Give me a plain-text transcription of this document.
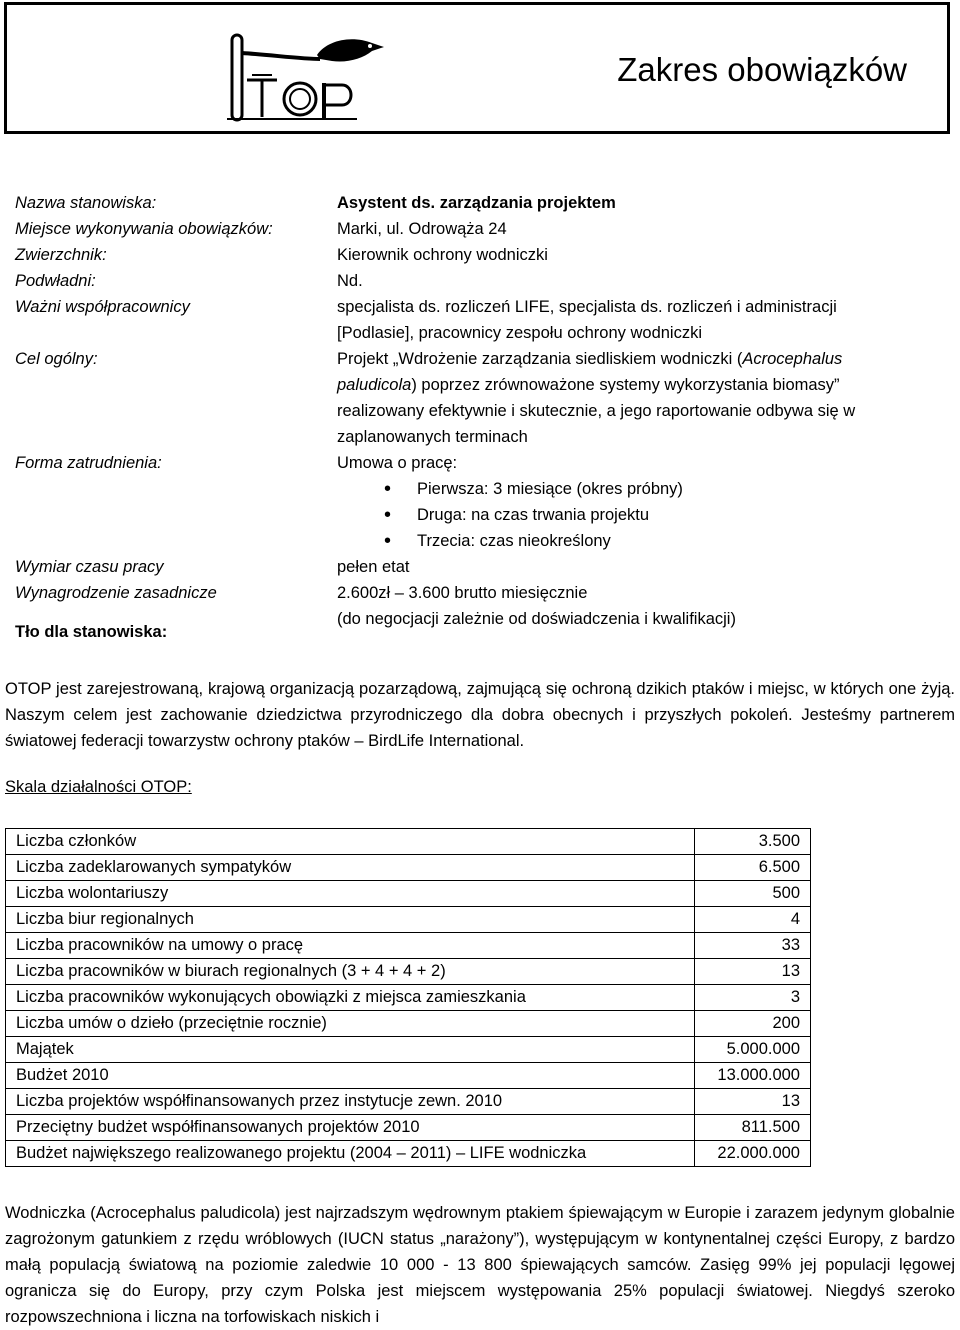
Zakres obowiązków
Nazwa stanowiska:	Asystent ds. zarządzania projektem
Miejsce wykonywania obowiązków:	Marki, ul. Odrowąża 24
Zwierzchnik:	Kierownik ochrony wodniczki
Podwładni:	Nd.
Ważni współpracownicy	specjalista ds. rozliczeń LIFE, specjalista ds. rozliczeń i administracji
[Podlasie], pracownicy zespołu ochrony wodniczki
Cel ogólny:	Projekt „Wdrożenie zarządzania siedliskiem wodniczki (Acrocephalus
paludicola) poprzez zrównoważone systemy wykorzystania biomasy”
realizowany efektywnie i skutecznie, a jego raportowanie odbywa się w
zaplanowanych terminach
Forma zatrudnienia:	Umowa o pracę:
• Pierwsza: 3 miesiące (okres próbny)
• Druga: na czas trwania projektu
• Trzecia: czas nieokreślony
Wymiar czasu pracy	pełen etat
Wynagrodzenie zasadnicze	2.600zł – 3.600 brutto miesięcznie
(do negocjacji zależnie od doświadczenia i kwalifikacji)
Tło dla stanowiska:
OTOP jest zarejestrowaną, krajową organizacją pozarządową, zajmującą się ochroną dzikich ptaków i miejsc, w których one żyją. Naszym celem jest zachowanie dziedzictwa przyrodniczego dla dobra obecnych i przyszłych pokoleń. Jesteśmy partnerem światowej federacji towarzystw ochrony ptaków – BirdLife International.
Skala działalności OTOP:
Liczba członków	3.500
Liczba zadeklarowanych sympatyków	6.500
Liczba wolontariuszy	500
Liczba biur regionalnych	4
Liczba pracowników na umowy o pracę	33
Liczba pracowników w biurach regionalnych (3 + 4 + 4 + 2)	13
Liczba pracowników wykonujących obowiązki z miejsca zamieszkania	3
Liczba umów o dzieło (przeciętnie rocznie)	200
Majątek	5.000.000
Budżet 2010	13.000.000
Liczba projektów współfinansowanych przez instytucje zewn. 2010	13
Przeciętny budżet współfinansowanych projektów 2010	811.500
Budżet największego realizowanego projektu (2004 – 2011) – LIFE wodniczka	22.000.000
Wodniczka (Acrocephalus paludicola) jest najrzadszym wędrownym ptakiem śpiewającym w Europie i zarazem jedynym globalnie zagrożonym gatunkiem z rzędu wróblowych (IUCN status „narażony”), występującym w kontynentalnej części Europy, z bardzo małą populacją światową na poziomie zaledwie 10 000 - 13 800 śpiewających samców. Zasięg 99% jej populacji lęgowej ogranicza się do Europy, przy czym Polska jest miejscem występowania 25% populacji światowej. Niegdyś szeroko rozpowszechniona i liczna na torfowiskach niskich i
